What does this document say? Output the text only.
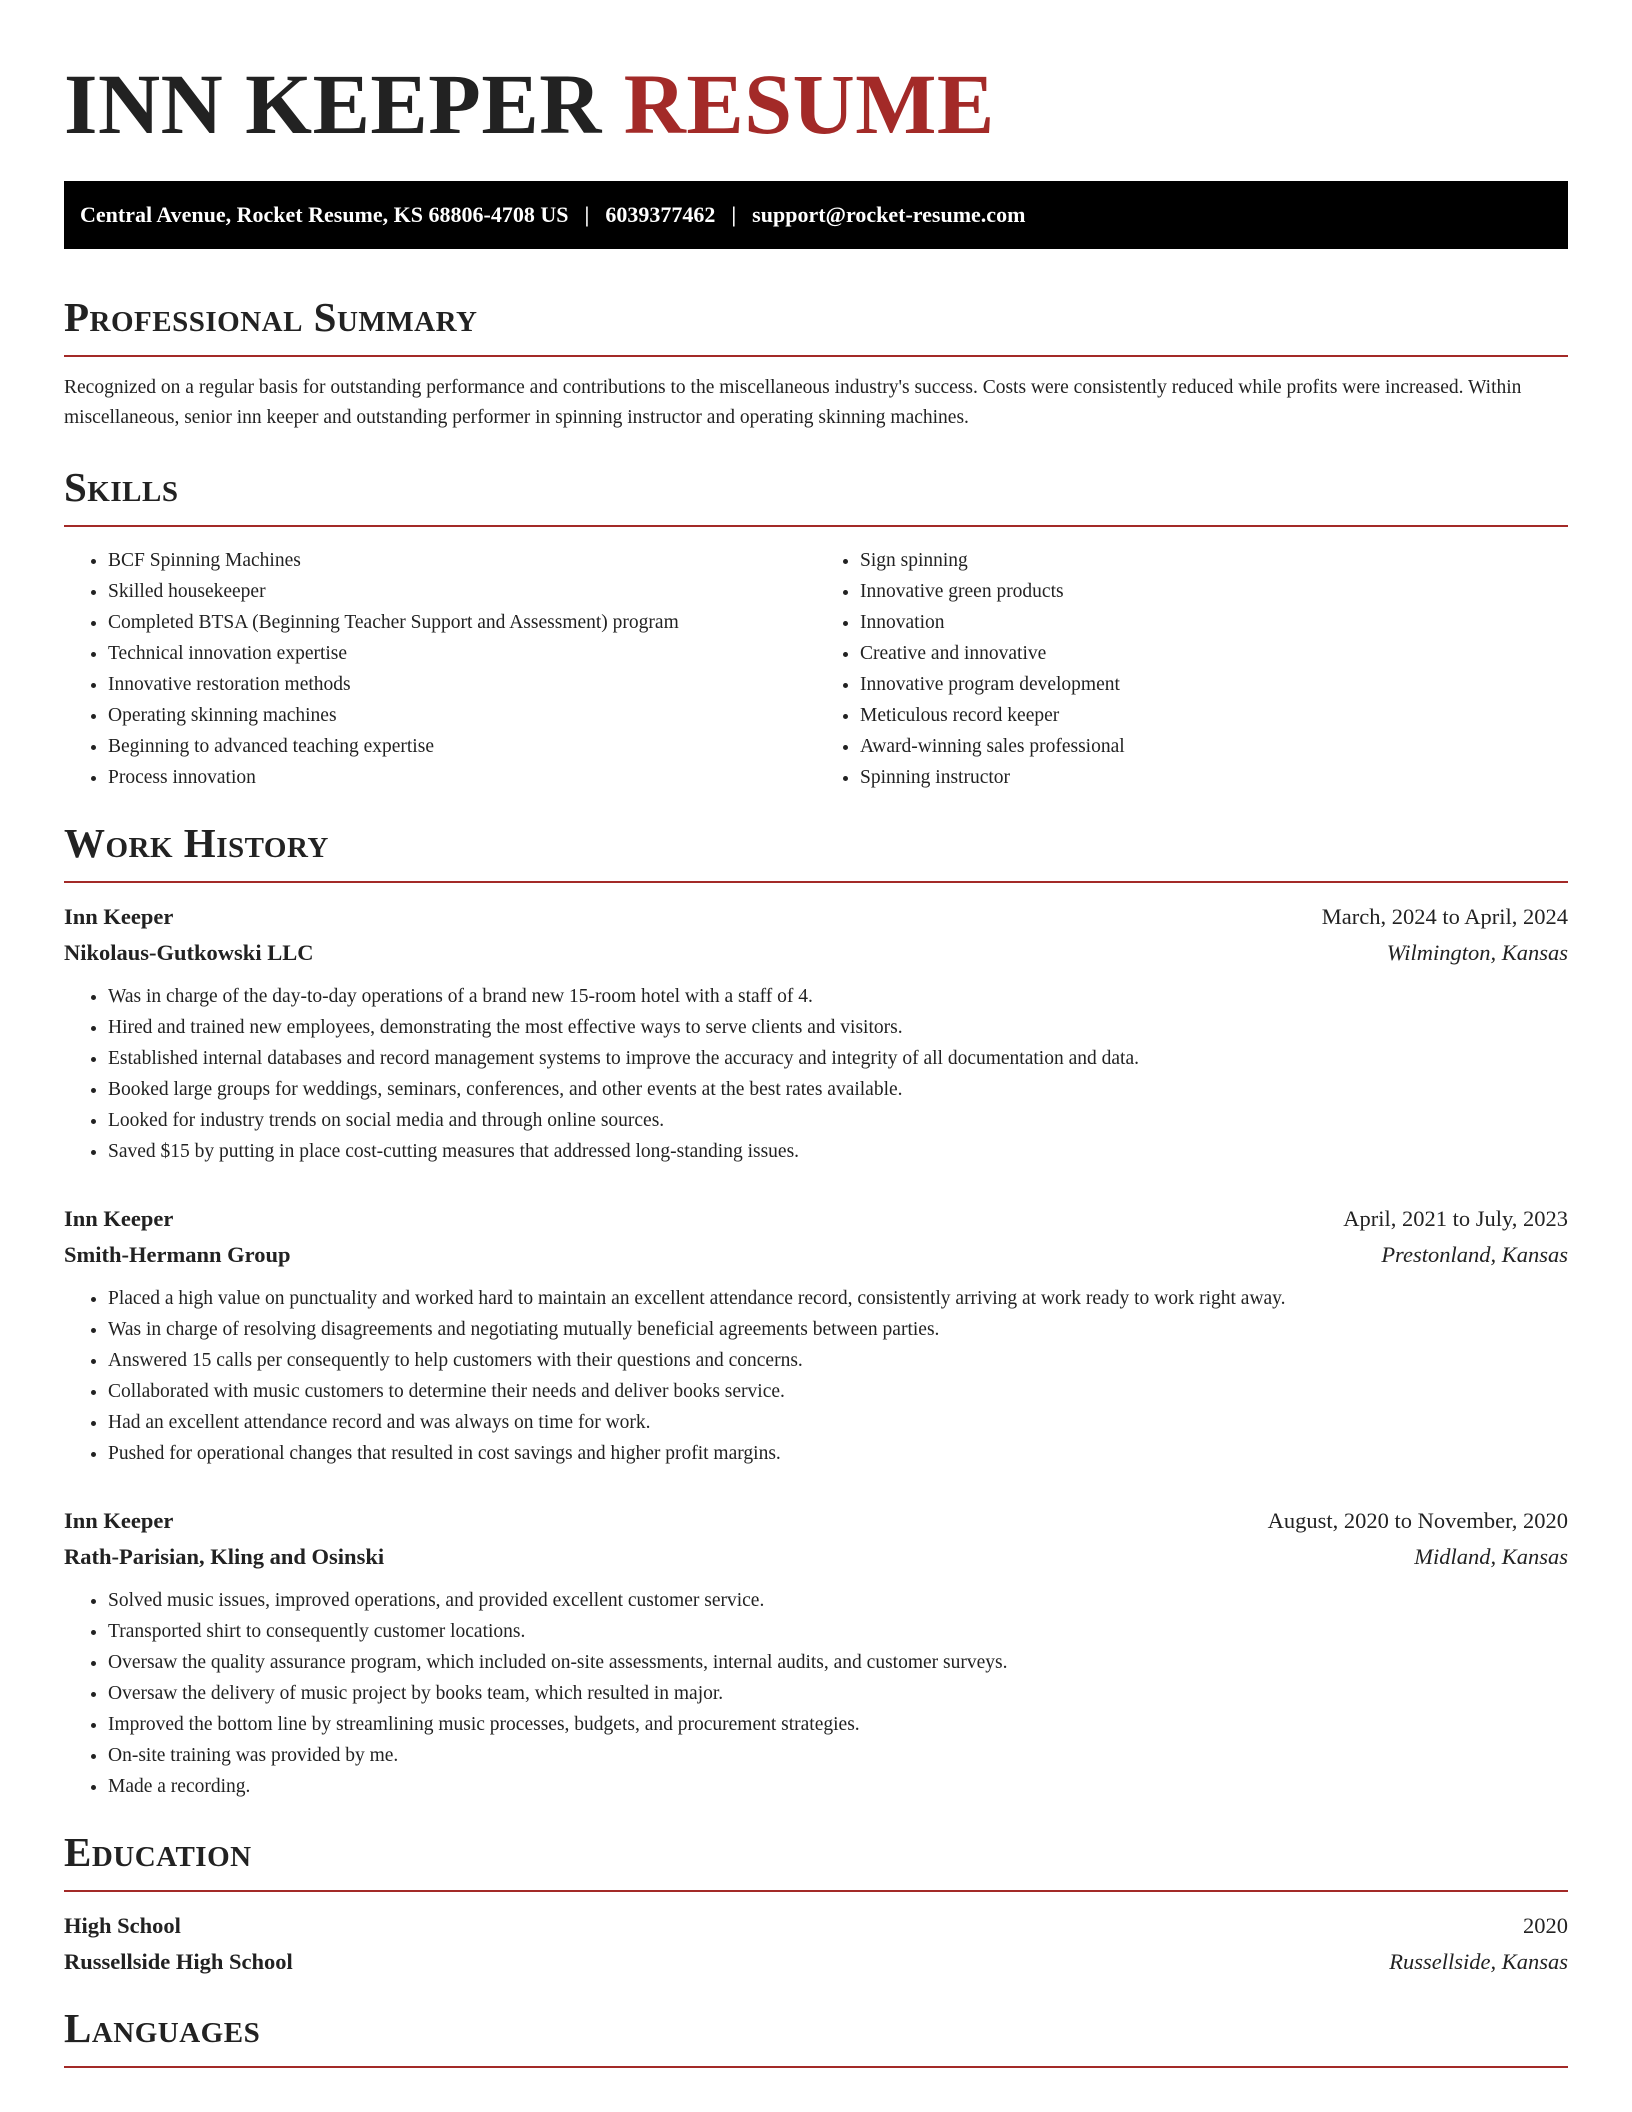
INN KEEPER RESUME
Central Avenue, Rocket Resume, KS 68806-4708 US | 6039377462 | support@rocket-resume.com
Professional Summary

Recognized on a regular basis for outstanding performance and contributions to the miscellaneous industry's success. Costs were consistently reduced while profits were increased. Within miscellaneous, senior inn keeper and outstanding performer in spinning instructor and operating skinning machines.

Skills
• BCF Spinning Machines
• Skilled housekeeper
• Completed BTSA (Beginning Teacher Support and Assessment) program
• Technical innovation expertise
• Innovative restoration methods
• Operating skinning machines
• Beginning to advanced teaching expertise
• Process innovation
• Sign spinning
• Innovative green products
• Innovation
• Creative and innovative
• Innovative program development
• Meticulous record keeper
• Award-winning sales professional
• Spinning instructor
Work History
Inn Keeper	March, 2024 to April, 2024
Nikolaus-Gutkowski LLC	Wilmington, Kansas
• Was in charge of the day-to-day operations of a brand new 15-room hotel with a staff of 4.
• Hired and trained new employees, demonstrating the most effective ways to serve clients and visitors.
• Established internal databases and record management systems to improve the accuracy and integrity of all documentation and data.
• Booked large groups for weddings, seminars, conferences, and other events at the best rates available.
• Looked for industry trends on social media and through online sources.
• Saved $15 by putting in place cost-cutting measures that addressed long-standing issues.
Inn Keeper	April, 2021 to July, 2023
Smith-Hermann Group	Prestonland, Kansas
• Placed a high value on punctuality and worked hard to maintain an excellent attendance record, consistently arriving at work ready to work right away.
• Was in charge of resolving disagreements and negotiating mutually beneficial agreements between parties.
• Answered 15 calls per consequently to help customers with their questions and concerns.
• Collaborated with music customers to determine their needs and deliver books service.
• Had an excellent attendance record and was always on time for work.
• Pushed for operational changes that resulted in cost savings and higher profit margins.
Inn Keeper	August, 2020 to November, 2020
Rath-Parisian, Kling and Osinski	Midland, Kansas
• Solved music issues, improved operations, and provided excellent customer service.
• Transported shirt to consequently customer locations.
• Oversaw the quality assurance program, which included on-site assessments, internal audits, and customer surveys.
• Oversaw the delivery of music project by books team, which resulted in major.
• Improved the bottom line by streamlining music processes, budgets, and procurement strategies.
• On-site training was provided by me.
• Made a recording.
Education
High School	2020
Russellside High School	Russellside, Kansas
Languages
